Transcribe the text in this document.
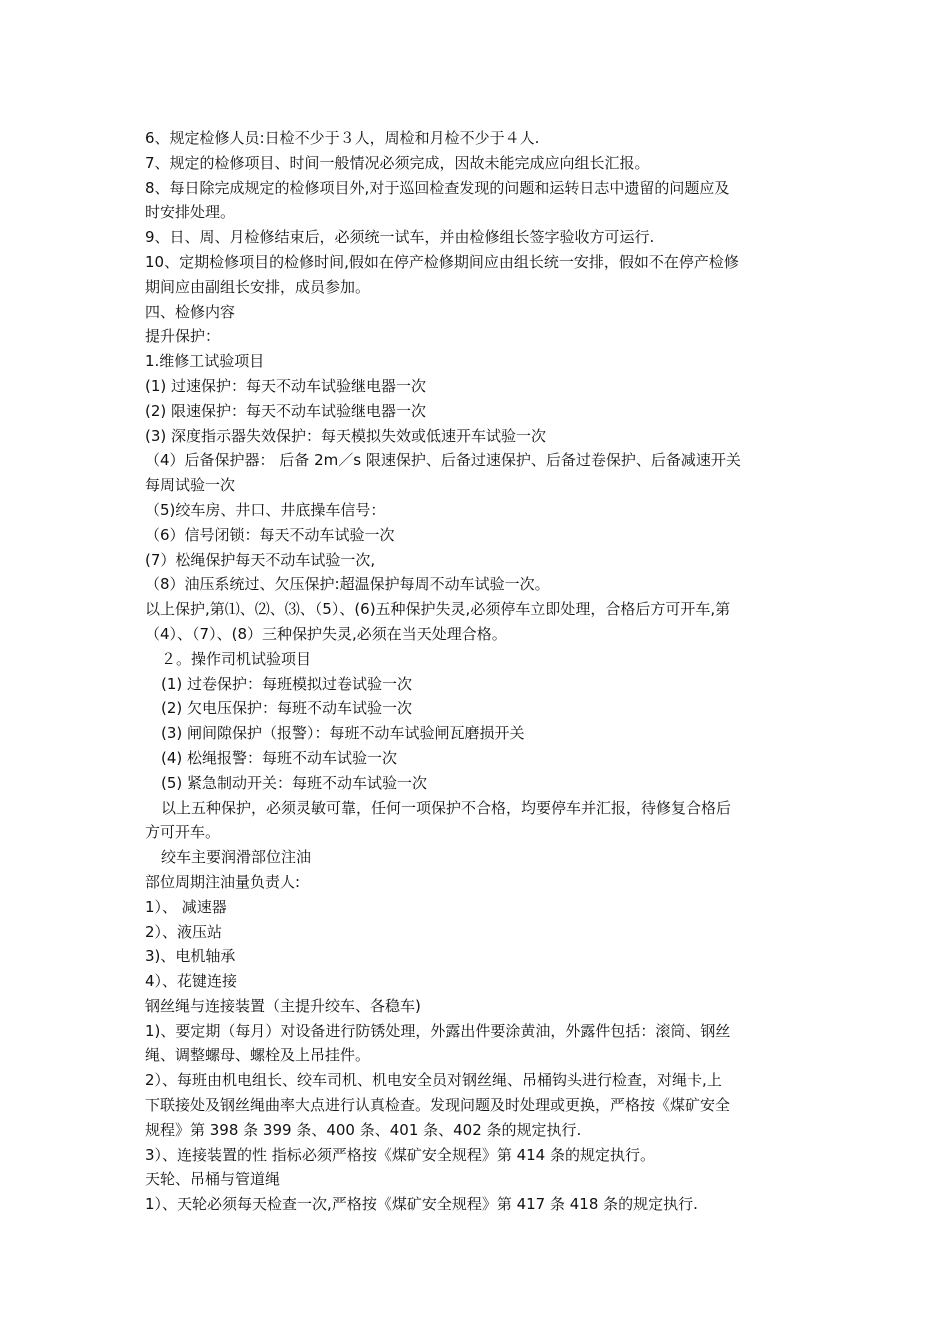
6、规定检修人员:日检不少于３人，周检和月检不少于４人.
7、规定的检修项目、时间一般情况必须完成，因故未能完成应向组长汇报。
8、每日除完成规定的检修项目外,对于巡回检查发现的问题和运转日志中遗留的问题应及
时安排处理。
9、日、周、月检修结束后，必须统一试车，并由检修组长签字验收方可运行.
10、定期检修项目的检修时间,假如在停产检修期间应由组长统一安排，假如不在停产检修
期间应由副组长安排，成员参加。
四、检修内容
提升保护：
1.维修工试验项目
(1) 过速保护：每天不动车试验继电器一次
(2) 限速保护：每天不动车试验继电器一次
(3) 深度指示器失效保护：每天模拟失效或低速开车试验一次
（4）后备保护器： 后备 2m／s 限速保护、后备过速保护、后备过卷保护、后备减速开关
每周试验一次
（5)绞车房、井口、井底操车信号：
（6）信号闭锁：每天不动车试验一次
(7）松绳保护每天不动车试验一次,
（8）油压系统过、欠压保护:超温保护每周不动车试验一次。
以上保护,第⑴、⑵、⑶、（5）、(6)五种保护失灵,必须停车立即处理，合格后方可开车,第
（4）、（7）、(8）三种保护失灵,必须在当天处理合格。
２。操作司机试验项目
(1) 过卷保护：每班模拟过卷试验一次
(2) 欠电压保护：每班不动车试验一次
(3) 闸间隙保护（报警）：每班不动车试验闸瓦磨损开关
(4) 松绳报警：每班不动车试验一次
(5) 紧急制动开关：每班不动车试验一次
以上五种保护，必须灵敏可靠，任何一项保护不合格，均要停车并汇报，待修复合格后
方可开车。
绞车主要润滑部位注油
部位周期注油量负责人:
1）、 减速器
2）、液压站
3)、电机轴承
4）、花键连接
钢丝绳与连接装置（主提升绞车、各稳车)
1)、要定期（每月）对设备进行防锈处理，外露出件要涂黄油，外露件包括：滚筒、钢丝
绳、调整螺母、螺栓及上吊挂件。
2）、每班由机电组长、绞车司机、机电安全员对钢丝绳、吊桶钩头进行检查，对绳卡,上
下联接处及钢丝绳曲率大点进行认真检查。发现问题及时处理或更换，严格按《煤矿安全
规程》第 398 条 399 条、400 条、401 条、402 条的规定执行.
3）、连接装置的性 指标必须严格按《煤矿安全规程》第 414 条的规定执行。
天轮、吊桶与管道绳
1）、天轮必须每天检查一次,严格按《煤矿安全规程》第 417 条 418 条的规定执行.
